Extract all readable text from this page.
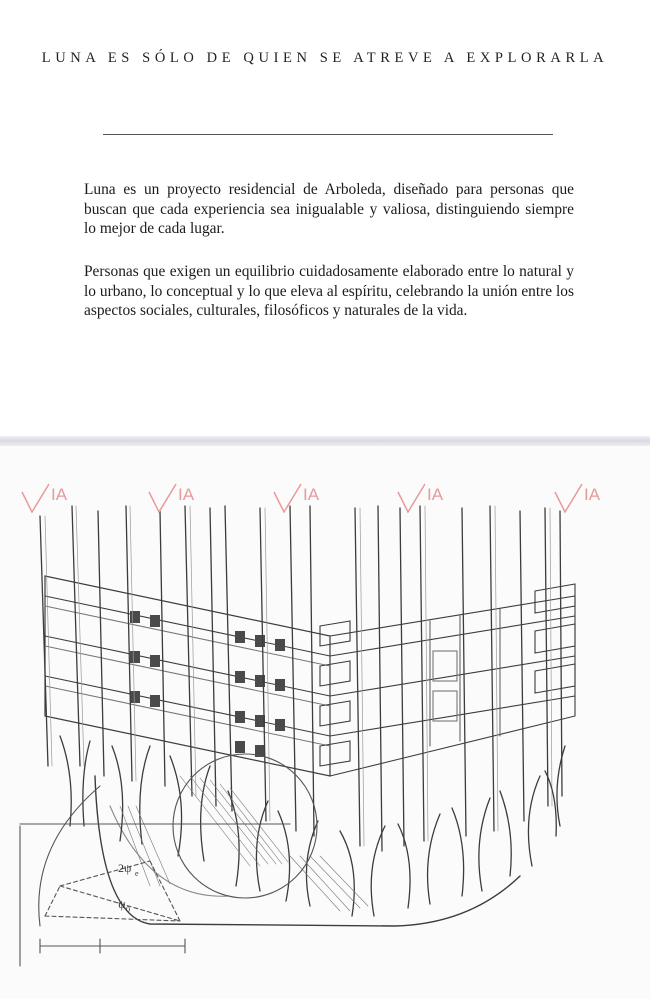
LUNA ES SÓLO DE QUIEN SE ATREVE A EXPLORARLA
Luna es un proyecto residencial de Arboleda, diseñado para personas que buscan que cada experiencia sea inigualable y valiosa, distinguiendo siempre lo mejor de cada lugar.
Personas que exigen un equilibrio cuidadosamente elaborado entre lo natural y lo urbano, lo conceptual y lo que eleva al espíritu, celebrando la unión entre los aspectos sociales, culturales, filosóficos y naturales de la vida.
2ψ e
ψ 0
IA	IA	IA	IA	IA
